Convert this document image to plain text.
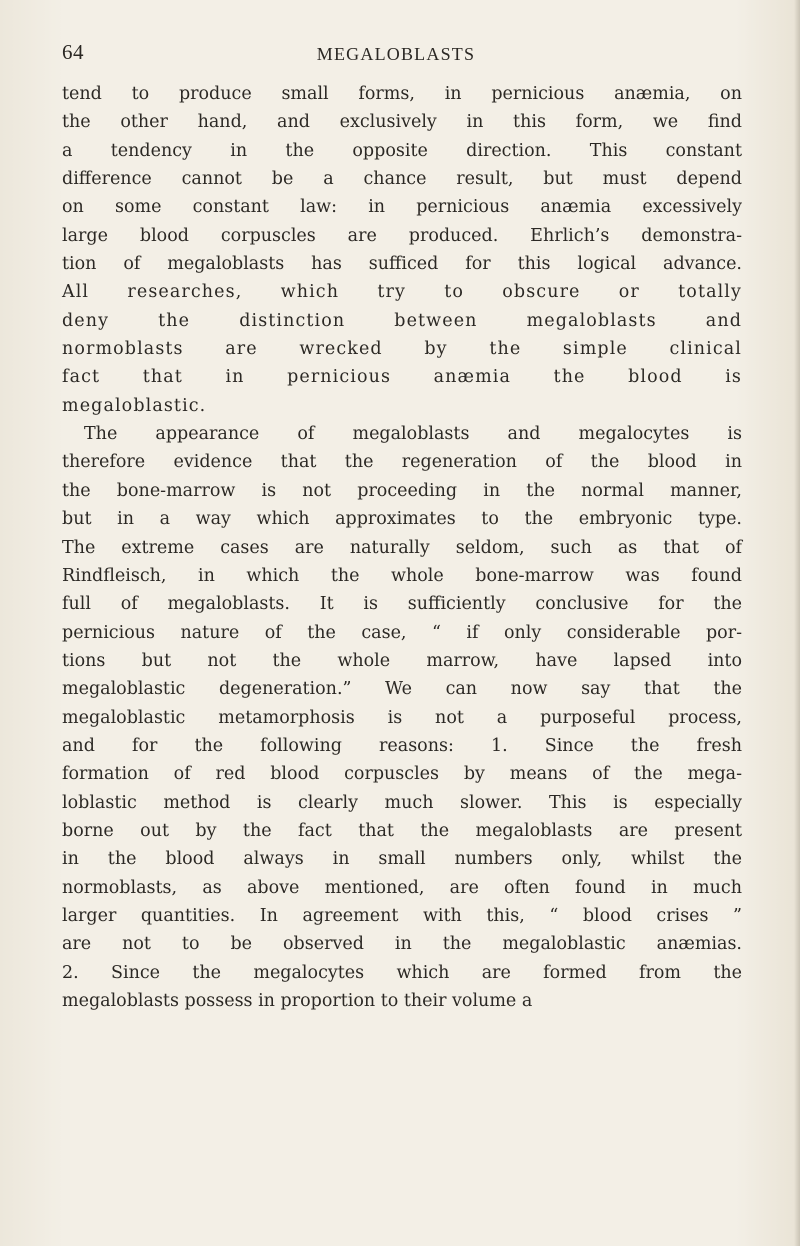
64	MEGALOBLASTS
tend to produce small forms, in pernicious anæmia, on
the other hand, and exclusively in this form, we find
a tendency in the opposite direction. This constant
difference cannot be a chance result, but must depend
on some constant law: in pernicious anæmia excessively
large blood corpuscles are produced. Ehrlich’s demonstra-
tion of megaloblasts has sufficed for this logical advance.
All researches, which try to obscure or totally
deny the distinction between megaloblasts and
normoblasts are wrecked by the simple clinical
fact that in pernicious anæmia the blood is
megaloblastic.
The appearance of megaloblasts and megalocytes is
therefore evidence that the regeneration of the blood in
the bone-marrow is not proceeding in the normal manner,
but in a way which approximates to the embryonic type.
The extreme cases are naturally seldom, such as that of
Rindfleisch, in which the whole bone-marrow was found
full of megaloblasts. It is sufficiently conclusive for the
pernicious nature of the case, “ if only considerable por-
tions but not the whole marrow, have lapsed into
megaloblastic degeneration.” We can now say that the
megaloblastic metamorphosis is not a purposeful process,
and for the following reasons: 1. Since the fresh
formation of red blood corpuscles by means of the mega-
loblastic method is clearly much slower. This is especially
borne out by the fact that the megaloblasts are present
in the blood always in small numbers only, whilst the
normoblasts, as above mentioned, are often found in much
larger quantities. In agreement with this, “ blood crises ”
are not to be observed in the megaloblastic anæmias.
2. Since the megalocytes which are formed from the
megaloblasts possess in proportion to their volume a
